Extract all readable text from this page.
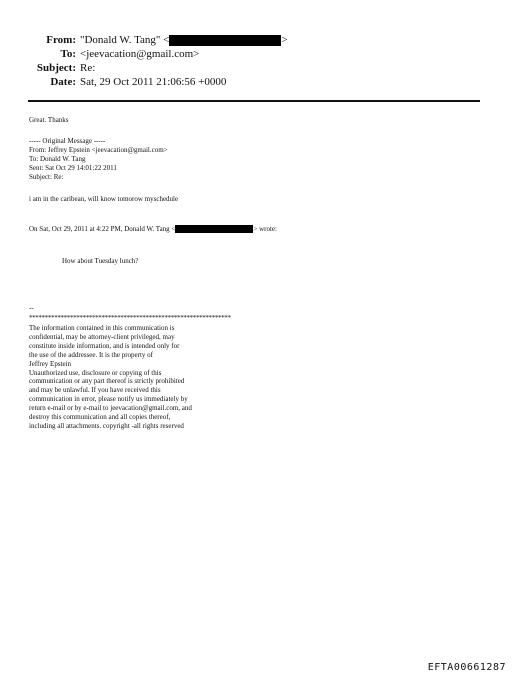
From: "Donald W. Tang" <	>
To: <jeevacation@gmail.com>
Subject: Re:
Date: Sat, 29 Oct 2011 21:06:56 +0000
Great. Thanks
----- Original Message -----
From: Jeffrey Epstein <jeevacation@gmail.com>
To: Donald W. Tang
Sent: Sat Oct 29 14:01:22 2011
Subject: Re:
i am in the caribean, will know tomorow myschedule
On Sat, Oct 29, 2011 at 4:22 PM, Donald W. Tang <	> wrote:
How about Tuesday lunch?
--
****************************************************************
The information contained in this communication is
confidential, may be attorney-client privileged, may
constitute inside information, and is intended only for
the use of the addressee. It is the property of
Jeffrey Epstein
Unauthorized use, disclosure or copying of this
communication or any part thereof is strictly prohibited
and may be unlawful. If you have received this
communication in error, please notify us immediately by
return e-mail or by e-mail to jeevacation@gmail.com, and
destroy this communication and all copies thereof,
including all attachments. copyright -all rights reserved
EFTA00661287
